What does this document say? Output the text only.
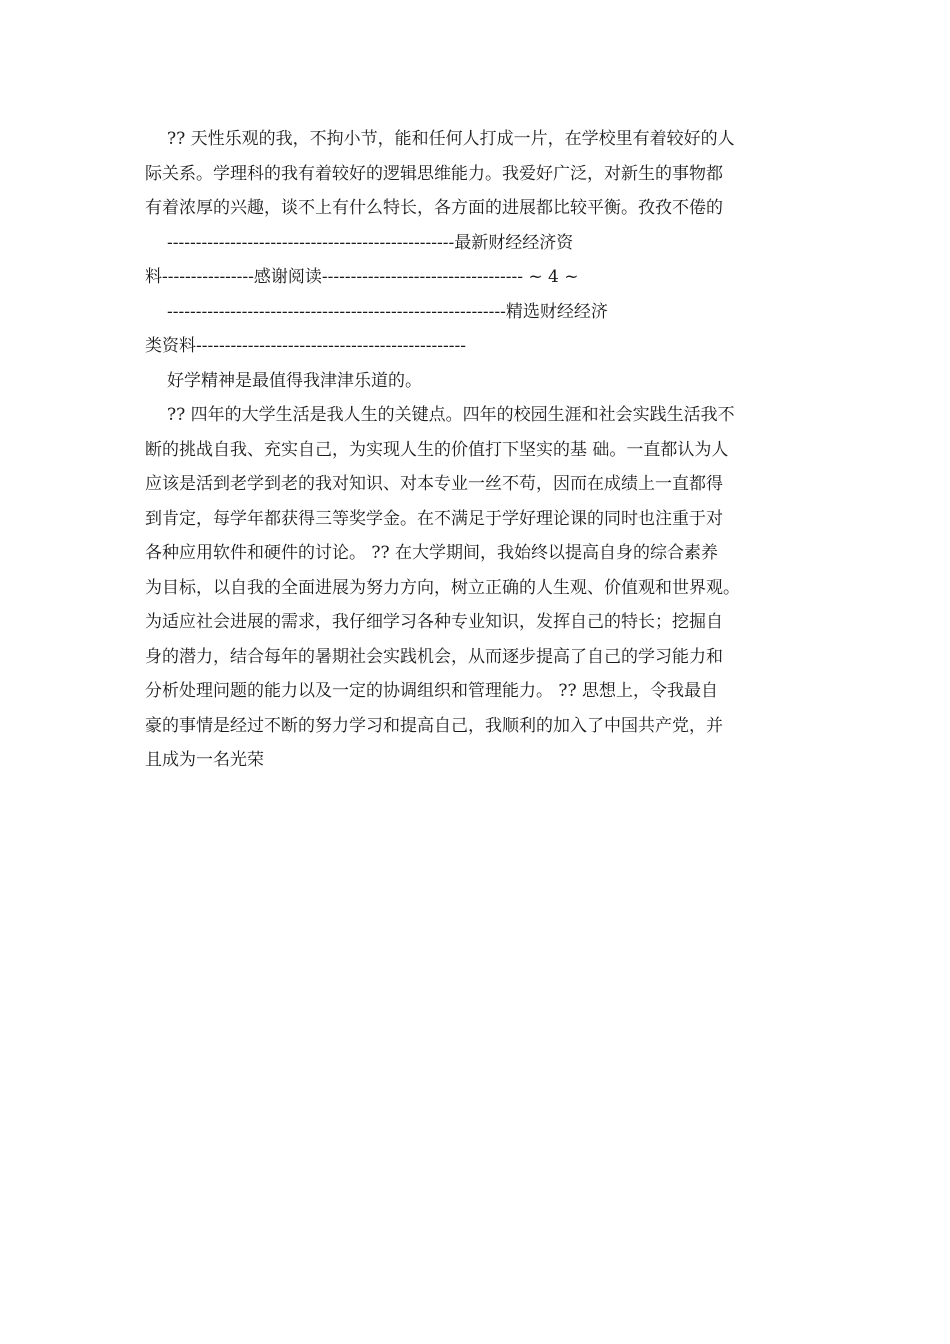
?? 天性乐观的我，不拘小节，能和任何人打成一片，在学校里有着较好的人
际关系。学理科的我有着较好的逻辑思维能力。我爱好广泛，对新生的事物都
有着浓厚的兴趣，谈不上有什么特长，各方面的进展都比较平衡。孜孜不倦的
--------------------------------------------------最新财经经济资
料----------------感谢阅读----------------------------------- ~ 4 ~
-----------------------------------------------------------精选财经经济
类资料-----------------------------------------------
好学精神是最值得我津津乐道的。
?? 四年的大学生活是我人生的关键点。四年的校园生涯和社会实践生活我不
断的挑战自我、充实自己，为实现人生的价值打下坚实的基 础。一直都认为人
应该是活到老学到老的我对知识、对本专业一丝不苟，因而在成绩上一直都得
到肯定，每学年都获得三等奖学金。在不满足于学好理论课的同时也注重于对
各种应用软件和硬件的讨论。 ?? 在大学期间，我始终以提高自身的综合素养
为目标，以自我的全面进展为努力方向，树立正确的人生观、价值观和世界观。
为适应社会进展的需求，我仔细学习各种专业知识，发挥自己的特长；挖掘自
身的潜力，结合每年的暑期社会实践机会，从而逐步提高了自己的学习能力和
分析处理问题的能力以及一定的协调组织和管理能力。 ?? 思想上，令我最自
豪的事情是经过不断的努力学习和提高自己，我顺利的加入了中国共产党，并
且成为一名光荣
